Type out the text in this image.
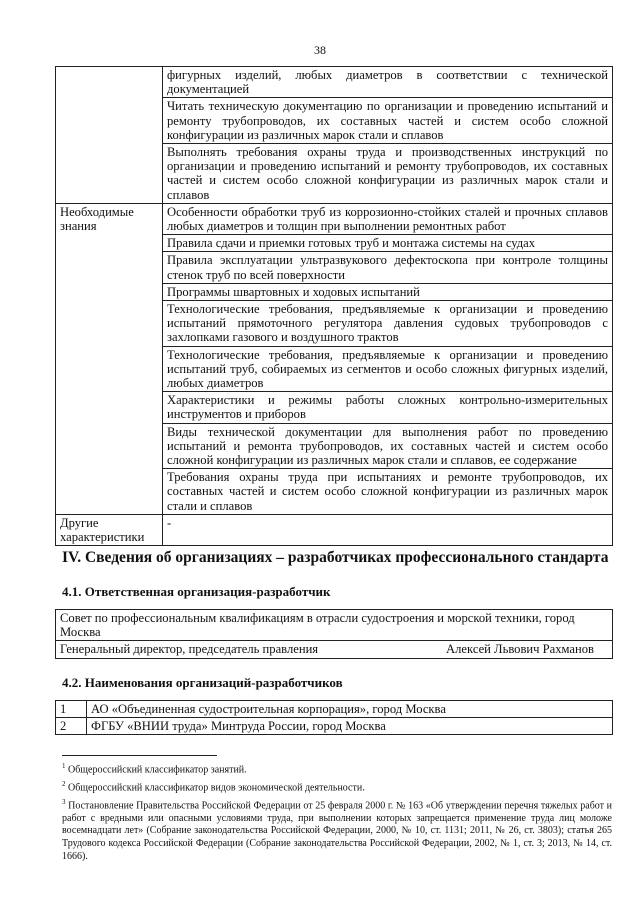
38
	фигурных изделий, любых диаметров в соответствии с технической документацией
	Читать техническую документацию по организации и проведению испытаний и ремонту трубопроводов, их составных частей и систем особо сложной конфигурации из различных марок стали и сплавов
	Выполнять требования охраны труда и производственных инструкций по организации и проведению испытаний и ремонту трубопроводов, их составных частей и систем особо сложной конфигурации из различных марок стали и сплавов
Необходимые знания	Особенности обработки труб из коррозионно-стойких сталей и прочных сплавов любых диаметров и толщин при выполнении ремонтных работ
	Правила сдачи и приемки готовых труб и монтажа системы на судах
	Правила эксплуатации ультразвукового дефектоскопа при контроле толщины стенок труб по всей поверхности
	Программы швартовных и ходовых испытаний
	Технологические требования, предъявляемые к организации и проведению испытаний прямоточного регулятора давления судовых трубопроводов с захлопками газового и воздушного трактов
	Технологические требования, предъявляемые к организации и проведению испытаний труб, собираемых из сегментов и особо сложных фигурных изделий, любых диаметров
	Характеристики и режимы работы сложных контрольно-измерительных инструментов и приборов
	Виды технической документации для выполнения работ по проведению испытаний и ремонта трубопроводов, их составных частей и систем особо сложной конфигурации из различных марок стали и сплавов, ее содержание
	Требования охраны труда при испытаниях и ремонте трубопроводов, их составных частей и систем особо сложной конфигурации из различных марок стали и сплавов
Другие характеристики	-
IV. Сведения об организациях – разработчиках профессионального стандарта
4.1. Ответственная организация-разработчик
Совет по профессиональным квалификациям в отрасли судостроения и морской техники, город Москва

Генеральный директор, председатель правления	Алексей Львович Рахманов
4.2. Наименования организаций-разработчиков
1	АО «Объединенная судостроительная корпорация», город Москва
2	ФГБУ «ВНИИ труда» Минтруда России, город Москва

$^1$ Общероссийский классификатор занятий.

$^2$ Общероссийский классификатор видов экономической деятельности.

$^3$ Постановление Правительства Российской Федерации от 25 февраля 2000 г. № 163 «Об утверждении перечня тяжелых работ и работ с вредными или опасными условиями труда, при выполнении которых запрещается применение труда лиц моложе восемнадцати лет» (Собрание законодательства Российской Федерации, 2000, № 10, ст. 1131; 2011, № 26, ст. 3803); статья 265 Трудового кодекса Российской Федерации (Собрание законодательства Российской Федерации, 2002, № 1, ст. 3; 2013, № 14, ст. 1666).
